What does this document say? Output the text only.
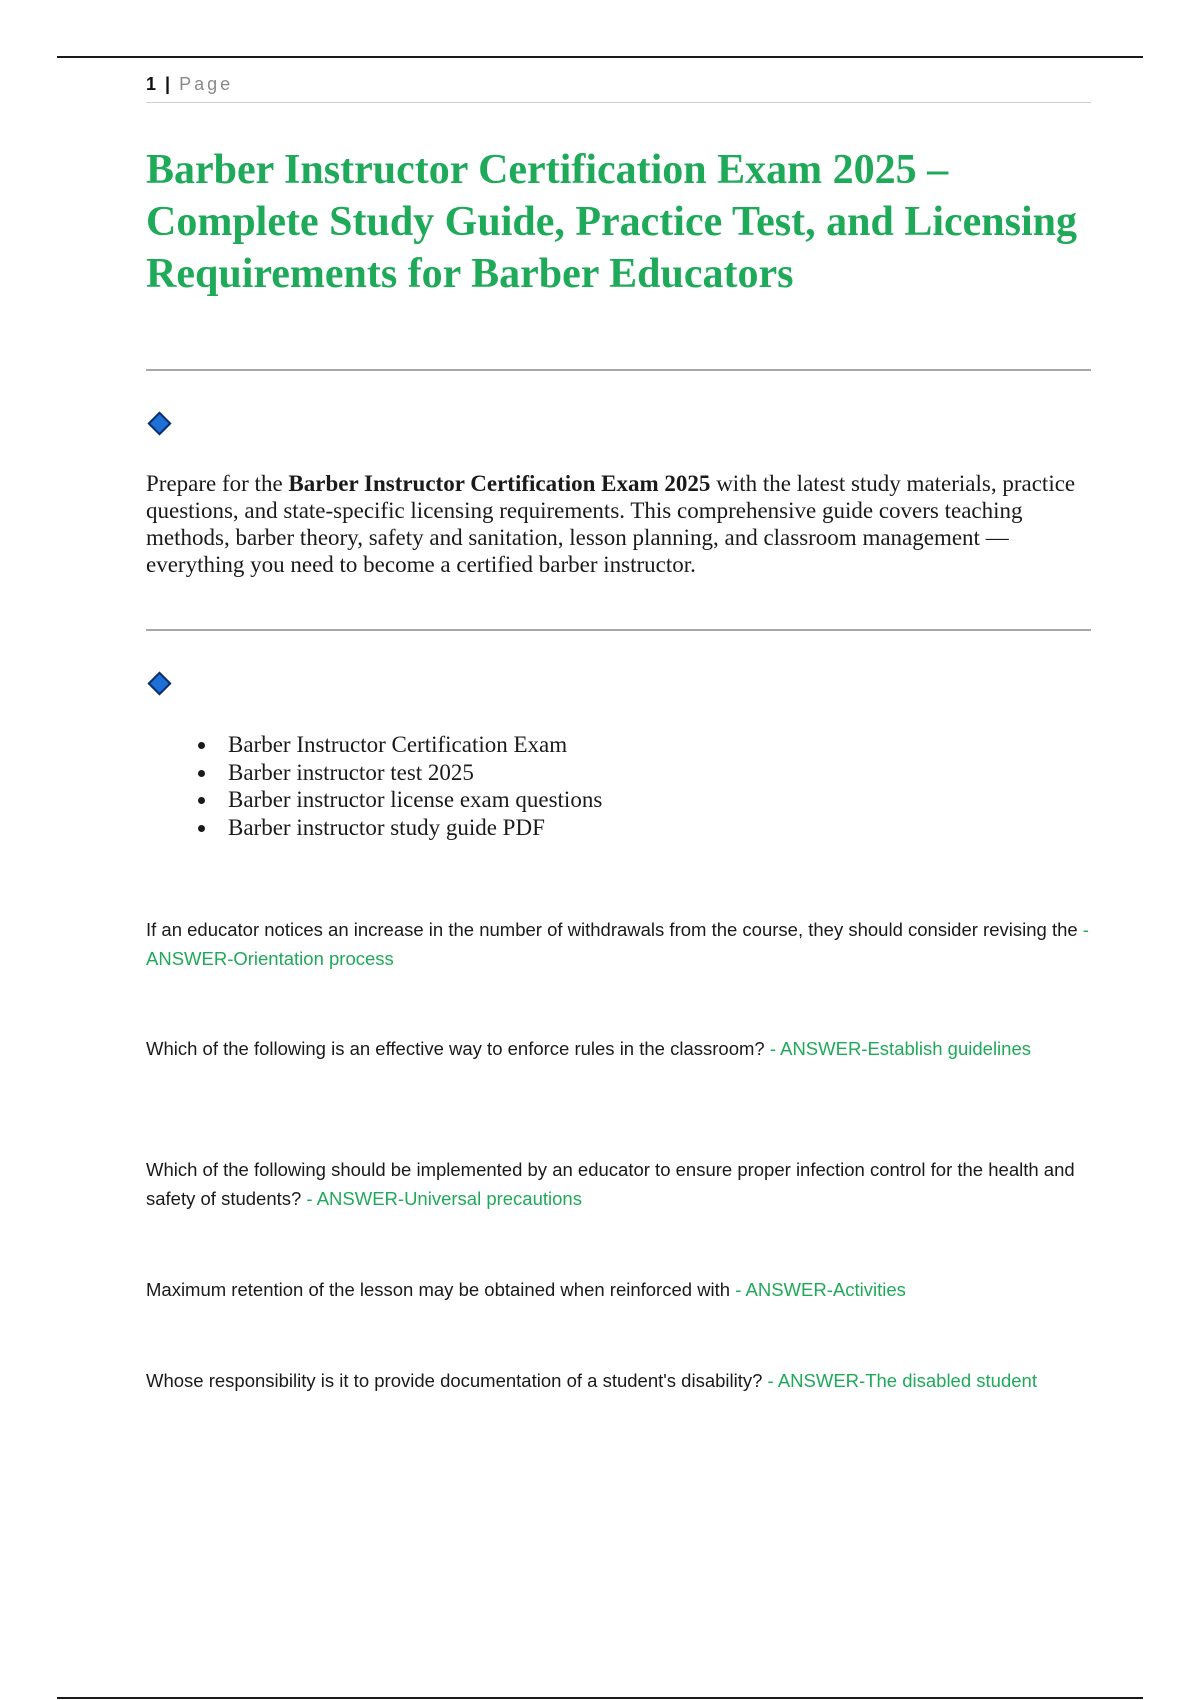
1 | Page
Barber Instructor Certification Exam 2025 – Complete Study Guide, Practice Test, and Licensing Requirements for Barber Educators

Prepare for the Barber Instructor Certification Exam 2025 with the latest study materials, practice questions, and state-specific licensing requirements. This comprehensive guide covers teaching methods, barber theory, safety and sanitation, lesson planning, and classroom management — everything you need to become a certified barber instructor.

• Barber Instructor Certification Exam
• Barber instructor test 2025
• Barber instructor license exam questions
• Barber instructor study guide PDF

If an educator notices an increase in the number of withdrawals from the course, they should consider revising the - ANSWER-Orientation process

Which of the following is an effective way to enforce rules in the classroom? - ANSWER-Establish guidelines

Which of the following should be implemented by an educator to ensure proper infection control for the health and safety of students? - ANSWER-Universal precautions

Maximum retention of the lesson may be obtained when reinforced with - ANSWER-Activities

Whose responsibility is it to provide documentation of a student's disability? - ANSWER-The disabled student
